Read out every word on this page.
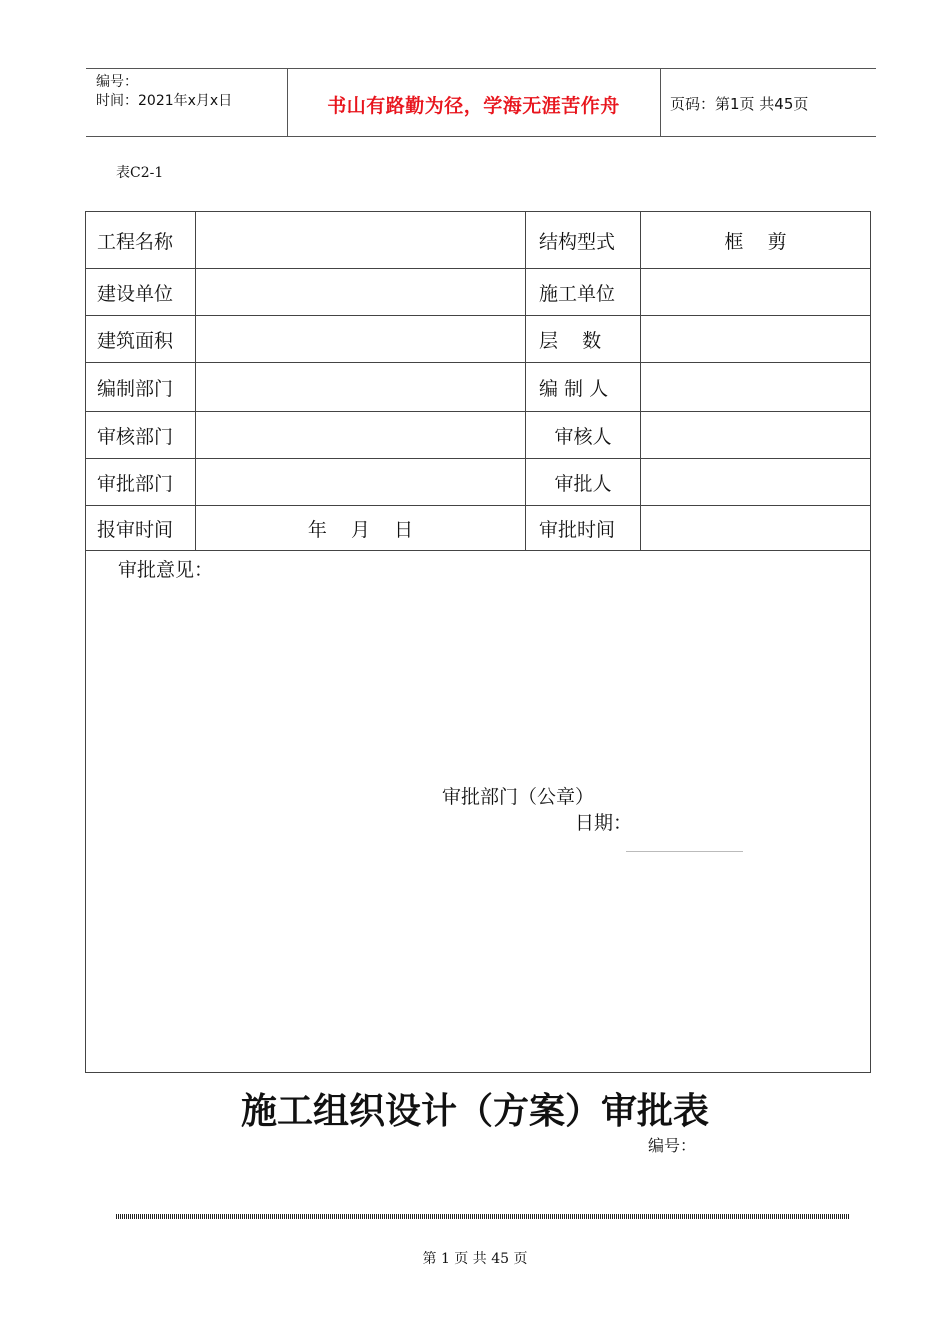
编号：
时间：2021年x月x日	书山有路勤为径，学海无涯苦作舟	页码：第1页 共45页
表C2-1
工程名称		结构型式	框    剪
建设单位		施工单位	
建筑面积		层    数	
编制部门		编 制 人	
审核部门		审核人	
审批部门		审批人	
报审时间	年    月    日	审批时间	

审批意见：
审批部门（公章）
日期：			
施工组织设计（方案）审批表
编号：
第 1 页 共 45 页
